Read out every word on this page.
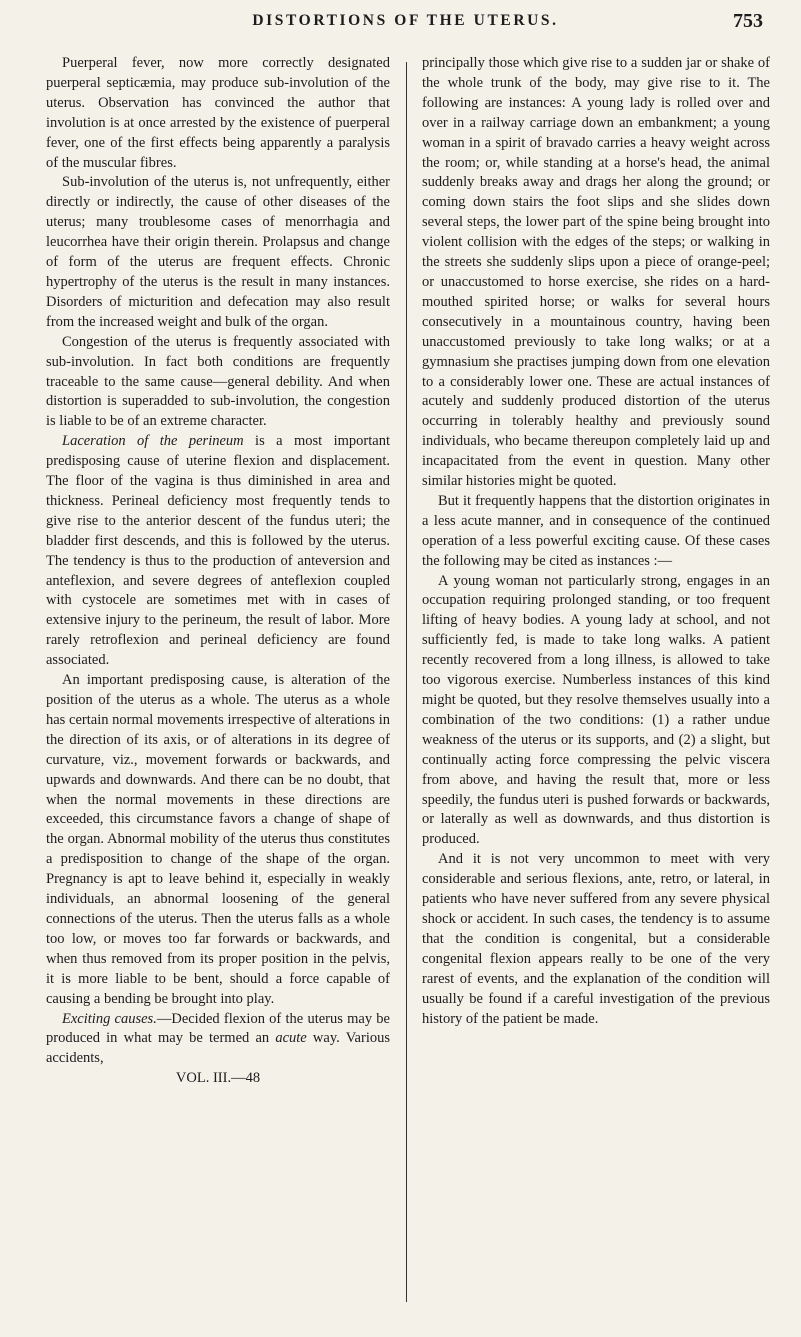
DISTORTIONS OF THE UTERUS.	753

Puerperal fever, now more correctly designated puerperal septicæmia, may produce sub-involution of the uterus. Observation has convinced the author that involution is at once arrested by the existence of puerperal fever, one of the first effects being apparently a paralysis of the muscular fibres.

Sub-involution of the uterus is, not unfrequently, either directly or indirectly, the cause of other diseases of the uterus; many troublesome cases of menorrhagia and leucorrhea have their origin therein. Prolapsus and change of form of the uterus are frequent effects. Chronic hypertrophy of the uterus is the result in many instances. Disorders of micturition and defecation may also result from the increased weight and bulk of the organ.

Congestion of the uterus is frequently associated with sub-involution. In fact both conditions are frequently traceable to the same cause—general debility. And when distortion is superadded to sub-involution, the congestion is liable to be of an extreme character.

Laceration of the perineum is a most important predisposing cause of uterine flexion and displacement. The floor of the vagina is thus diminished in area and thickness. Perineal deficiency most frequently tends to give rise to the anterior descent of the fundus uteri; the bladder first descends, and this is followed by the uterus. The tendency is thus to the production of anteversion and anteflexion, and severe degrees of anteflexion coupled with cystocele are sometimes met with in cases of extensive injury to the perineum, the result of labor. More rarely retroflexion and perineal deficiency are found associated.

An important predisposing cause, is alteration of the position of the uterus as a whole. The uterus as a whole has certain normal movements irrespective of alterations in the direction of its axis, or of alterations in its degree of curvature, viz., movement forwards or backwards, and upwards and downwards. And there can be no doubt, that when the normal movements in these directions are exceeded, this circumstance favors a change of shape of the organ. Abnormal mobility of the uterus thus constitutes a predisposition to change of the shape of the organ. Pregnancy is apt to leave behind it, especially in weakly individuals, an abnormal loosening of the general connections of the uterus. Then the uterus falls as a whole too low, or moves too far forwards or backwards, and when thus removed from its proper position in the pelvis, it is more liable to be bent, should a force capable of causing a bending be brought into play.

Exciting causes.—Decided flexion of the uterus may be produced in what may be termed an acute way. Various accidents,

VOL. III.—48

principally those which give rise to a sudden jar or shake of the whole trunk of the body, may give rise to it. The following are instances: A young lady is rolled over and over in a railway carriage down an embankment; a young woman in a spirit of bravado carries a heavy weight across the room; or, while standing at a horse's head, the animal suddenly breaks away and drags her along the ground; or coming down stairs the foot slips and she slides down several steps, the lower part of the spine being brought into violent collision with the edges of the steps; or walking in the streets she suddenly slips upon a piece of orange-peel; or unaccustomed to horse exercise, she rides on a hard-mouthed spirited horse; or walks for several hours consecutively in a mountainous country, having been unaccustomed previously to take long walks; or at a gymnasium she practises jumping down from one elevation to a considerably lower one. These are actual instances of acutely and suddenly produced distortion of the uterus occurring in tolerably healthy and previously sound individuals, who became thereupon completely laid up and incapacitated from the event in question. Many other similar histories might be quoted.

But it frequently happens that the distortion originates in a less acute manner, and in consequence of the continued operation of a less powerful exciting cause. Of these cases the following may be cited as instances :—

A young woman not particularly strong, engages in an occupation requiring prolonged standing, or too frequent lifting of heavy bodies. A young lady at school, and not sufficiently fed, is made to take long walks. A patient recently recovered from a long illness, is allowed to take too vigorous exercise. Numberless instances of this kind might be quoted, but they resolve themselves usually into a combination of the two conditions: (1) a rather undue weakness of the uterus or its supports, and (2) a slight, but continually acting force compressing the pelvic viscera from above, and having the result that, more or less speedily, the fundus uteri is pushed forwards or backwards, or laterally as well as downwards, and thus distortion is produced.

And it is not very uncommon to meet with very considerable and serious flexions, ante, retro, or lateral, in patients who have never suffered from any severe physical shock or accident. In such cases, the tendency is to assume that the condition is congenital, but a considerable congenital flexion appears really to be one of the very rarest of events, and the explanation of the condition will usually be found if a careful investigation of the previous history of the patient be made.
